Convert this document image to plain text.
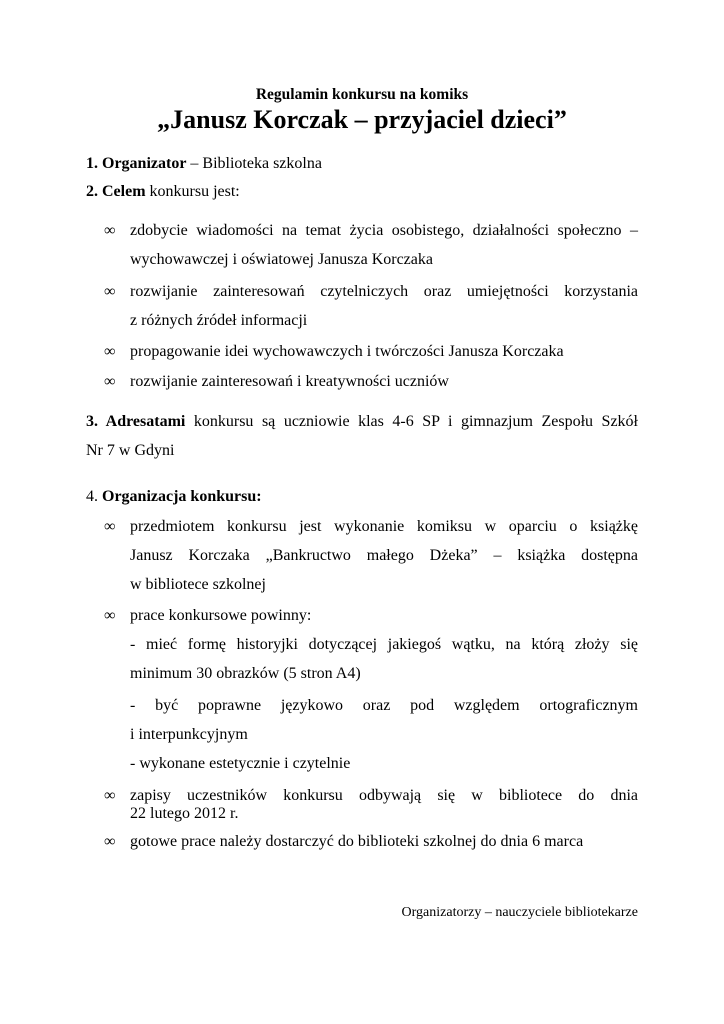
Regulamin konkursu na komiks
„Janusz Korczak – przyjaciel dzieci”
1. Organizator – Biblioteka szkolna
2. Celem konkursu jest:
∞ zdobycie wiadomości na temat życia osobistego, działalności społeczno –
wychowawczej i oświatowej Janusza Korczaka
∞ rozwijanie zainteresowań czytelniczych oraz umiejętności korzystania
z różnych źródeł informacji
∞ propagowanie idei wychowawczych i twórczości Janusza Korczaka
∞ rozwijanie zainteresowań i kreatywności uczniów
3. Adresatami konkursu są uczniowie klas 4-6 SP i gimnazjum Zespołu Szkół
Nr 7 w Gdyni
4. Organizacja konkursu:
∞ przedmiotem konkursu jest wykonanie komiksu w oparciu o książkę
Janusz Korczaka „Bankructwo małego Dżeka” – książka dostępna
w bibliotece szkolnej
∞ prace konkursowe powinny:
- mieć formę historyjki dotyczącej jakiegoś wątku, na którą złoży się
minimum 30 obrazków (5 stron A4)
- być poprawne językowo oraz pod względem ortograficznym
i interpunkcyjnym
- wykonane estetycznie i czytelnie
∞ zapisy uczestników konkursu odbywają się w bibliotece do dnia
22 lutego 2012 r.
∞ gotowe prace należy dostarczyć do biblioteki szkolnej do dnia 6 marca
Organizatorzy – nauczyciele bibliotekarze
